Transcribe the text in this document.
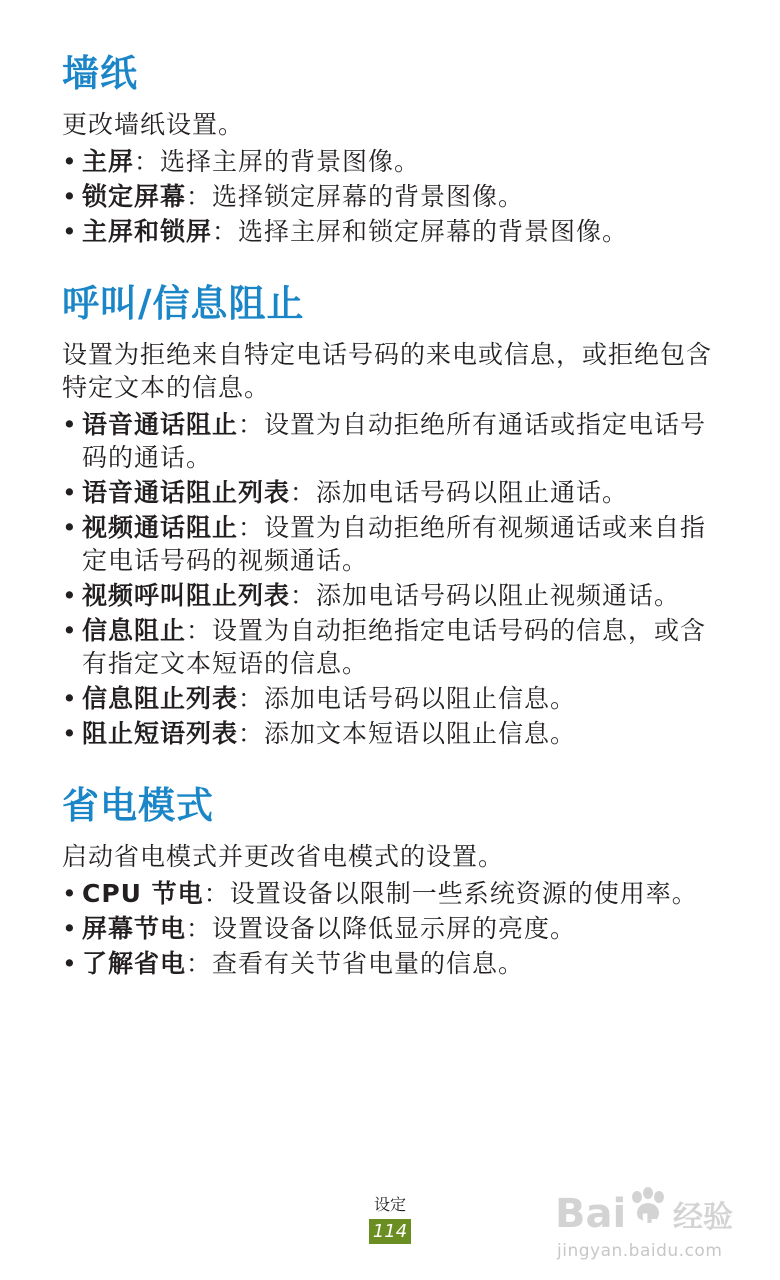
墙纸

更改墙纸设置。

• 主屏：选择主屏的背景图像。
• 锁定屏幕：选择锁定屏幕的背景图像。
• 主屏和锁屏：选择主屏和锁定屏幕的背景图像。
呼叫/信息阻止

设置为拒绝来自特定电话号码的来电或信息，或拒绝包含特定文本的信息。

• 语音通话阻止：设置为自动拒绝所有通话或指定电话号码的通话。
• 语音通话阻止列表：添加电话号码以阻止通话。
• 视频通话阻止：设置为自动拒绝所有视频通话或来自指定电话号码的视频通话。
• 视频呼叫阻止列表：添加电话号码以阻止视频通话。
• 信息阻止：设置为自动拒绝指定电话号码的信息，或含有指定文本短语的信息。
• 信息阻止列表：添加电话号码以阻止信息。
• 阻止短语列表：添加文本短语以阻止信息。
省电模式

启动省电模式并更改省电模式的设置。

• CPU 节电：设置设备以限制一些系统资源的使用率。
• 屏幕节电：设置设备以降低显示屏的亮度。
• 了解省电：查看有关节省电量的信息。
设定
114	Bai du 经验
jingyan.baidu.com
